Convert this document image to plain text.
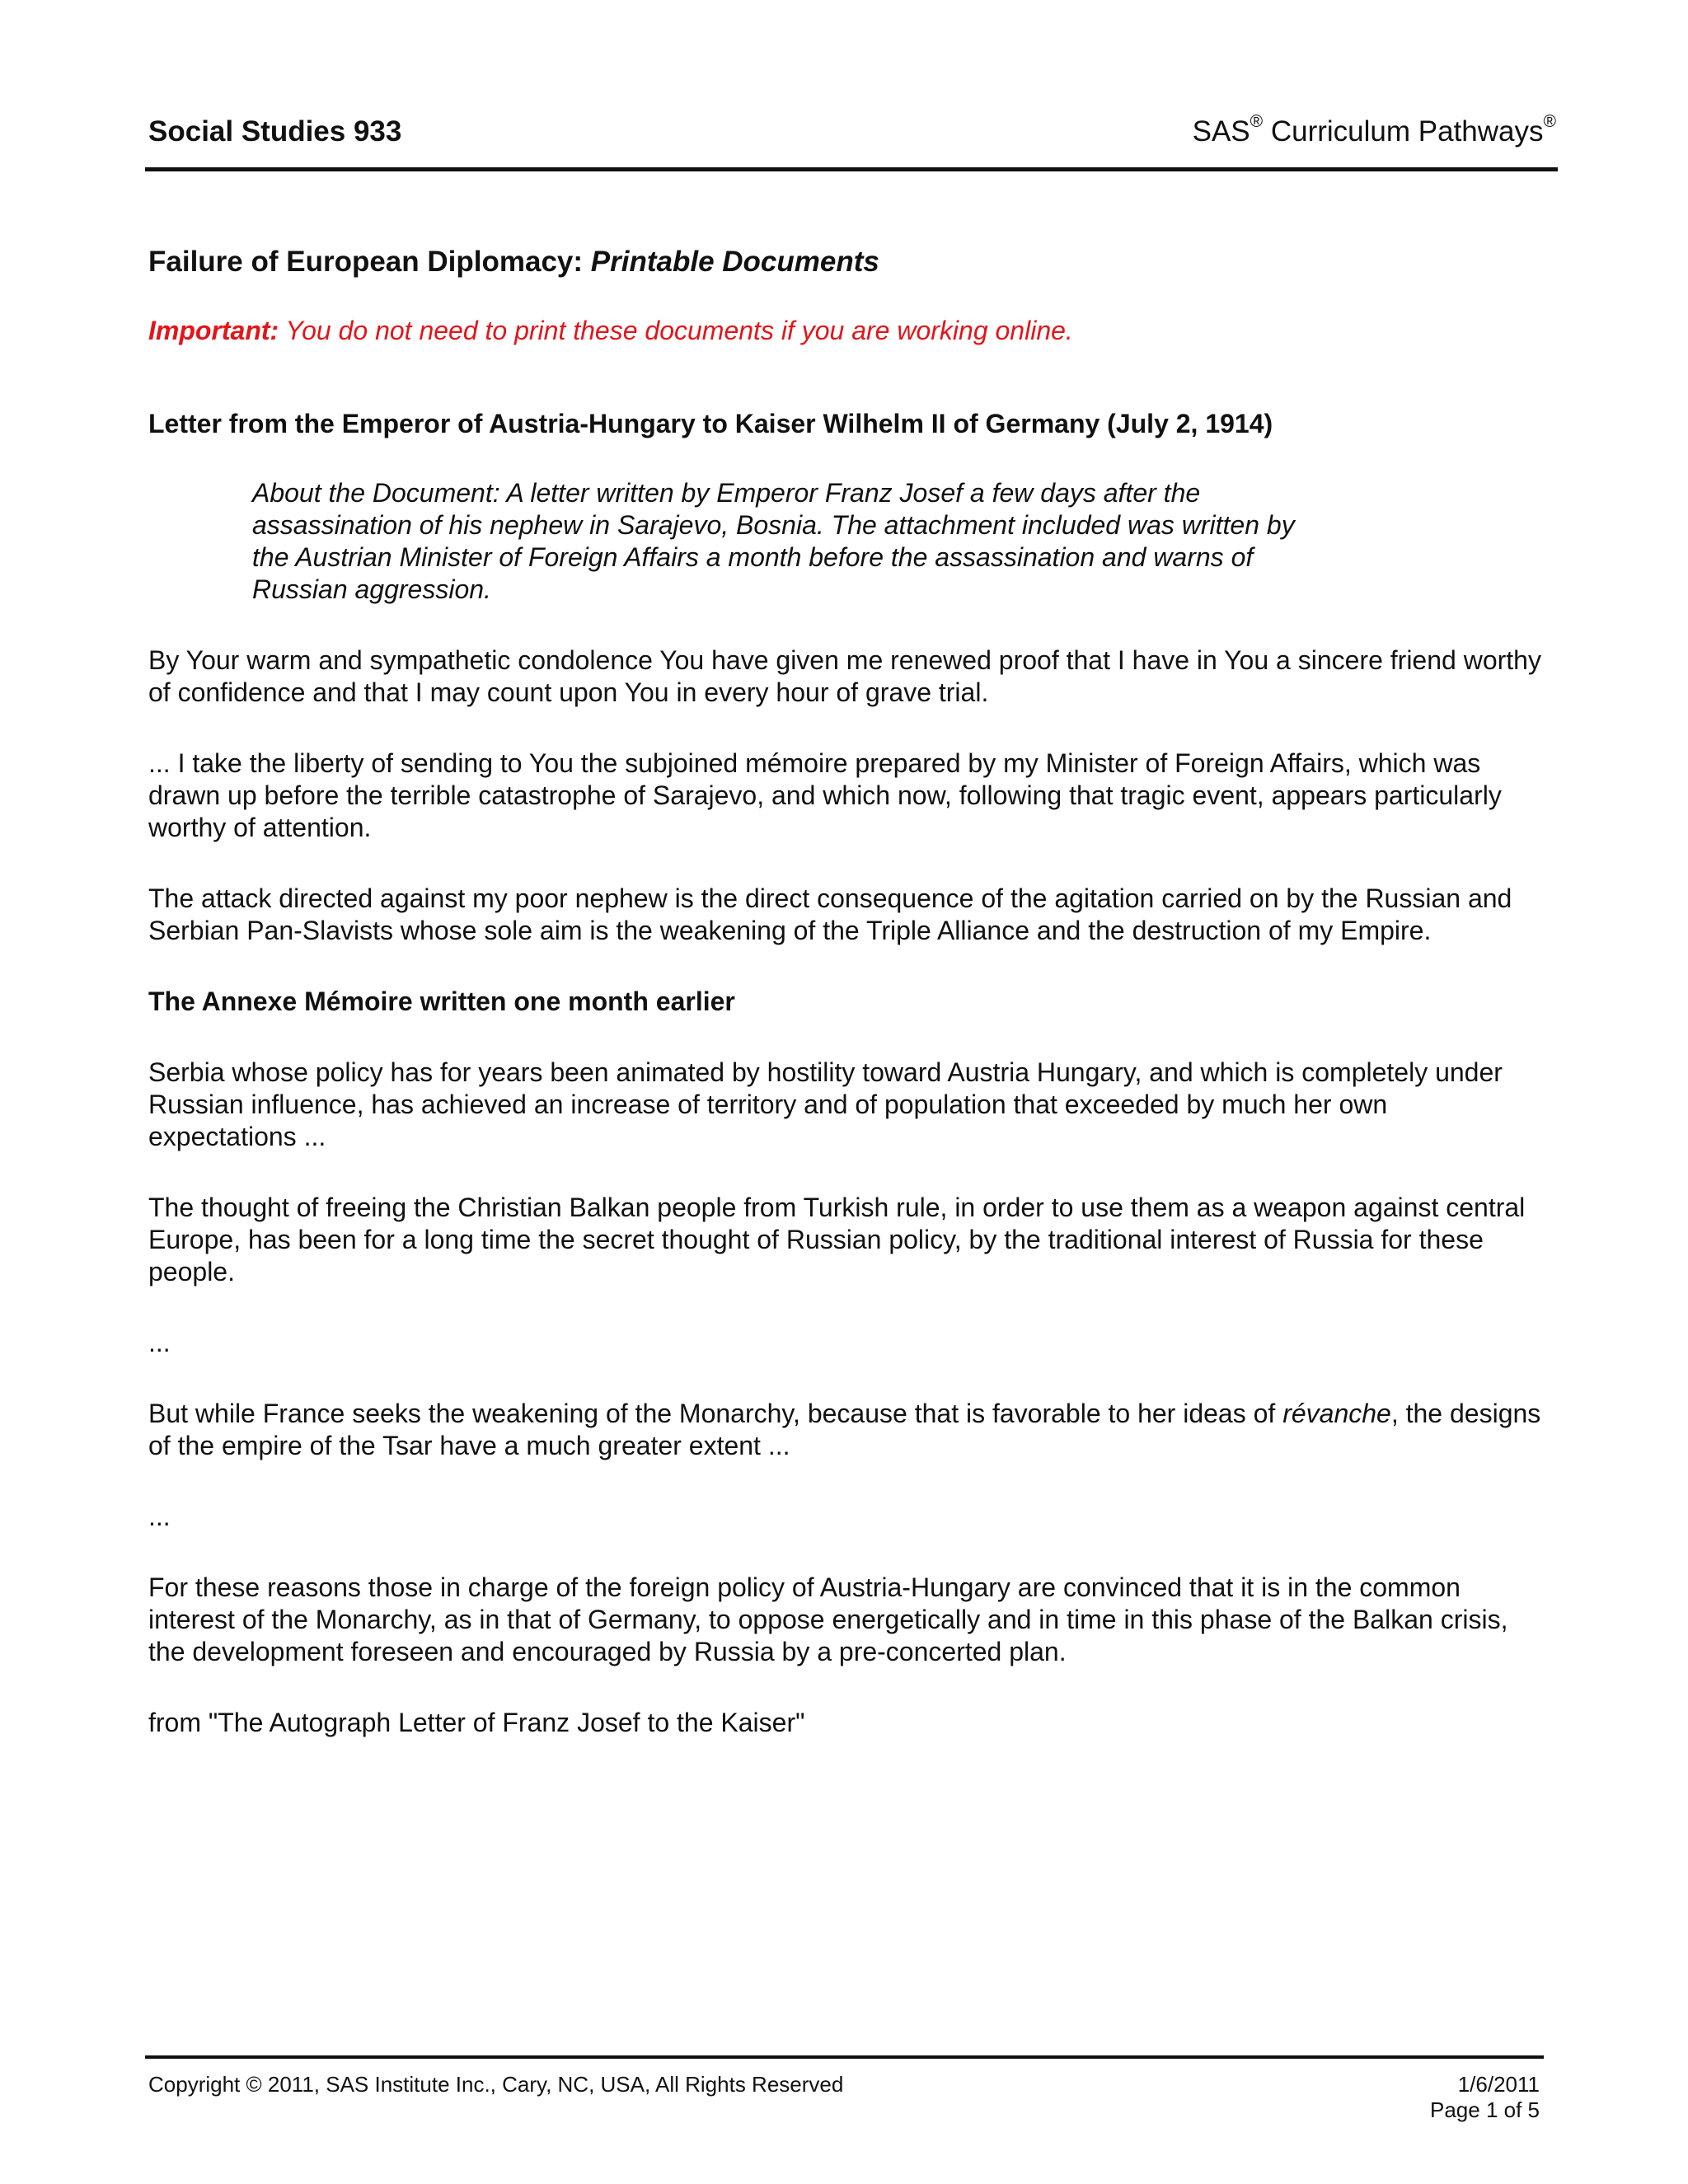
Social Studies 933	SAS® Curriculum Pathways®
Failure of European Diplomacy: Printable Documents

Important: You do not need to print these documents if you are working online.

Letter from the Emperor of Austria-Hungary to Kaiser Wilhelm II of Germany (July 2, 1914)

About the Document: A letter written by Emperor Franz Josef a few days after the assassination of his nephew in Sarajevo, Bosnia. The attachment included was written by the Austrian Minister of Foreign Affairs a month before the assassination and warns of Russian aggression.

By Your warm and sympathetic condolence You have given me renewed proof that I have in You a sincere friend worthy of confidence and that I may count upon You in every hour of grave trial.

... I take the liberty of sending to You the subjoined mémoire prepared by my Minister of Foreign Affairs, which was drawn up before the terrible catastrophe of Sarajevo, and which now, following that tragic event, appears particularly worthy of attention.

The attack directed against my poor nephew is the direct consequence of the agitation carried on by the Russian and Serbian Pan-Slavists whose sole aim is the weakening of the Triple Alliance and the destruction of my Empire.

The Annexe Mémoire written one month earlier

Serbia whose policy has for years been animated by hostility toward Austria Hungary, and which is completely under Russian influence, has achieved an increase of territory and of population that exceeded by much her own expectations ...

The thought of freeing the Christian Balkan people from Turkish rule, in order to use them as a weapon against central Europe, has been for a long time the secret thought of Russian policy, by the traditional interest of Russia for these people.

...

But while France seeks the weakening of the Monarchy, because that is favorable to her ideas of révanche, the designs of the empire of the Tsar have a much greater extent ...

...

For these reasons those in charge of the foreign policy of Austria-Hungary are convinced that it is in the common interest of the Monarchy, as in that of Germany, to oppose energetically and in time in this phase of the Balkan crisis, the development foreseen and encouraged by Russia by a pre-concerted plan.

from "The Autograph Letter of Franz Josef to the Kaiser"

Copyright © 2011, SAS Institute Inc., Cary, NC, USA, All Rights Reserved	1/6/2011
Page 1 of 5
